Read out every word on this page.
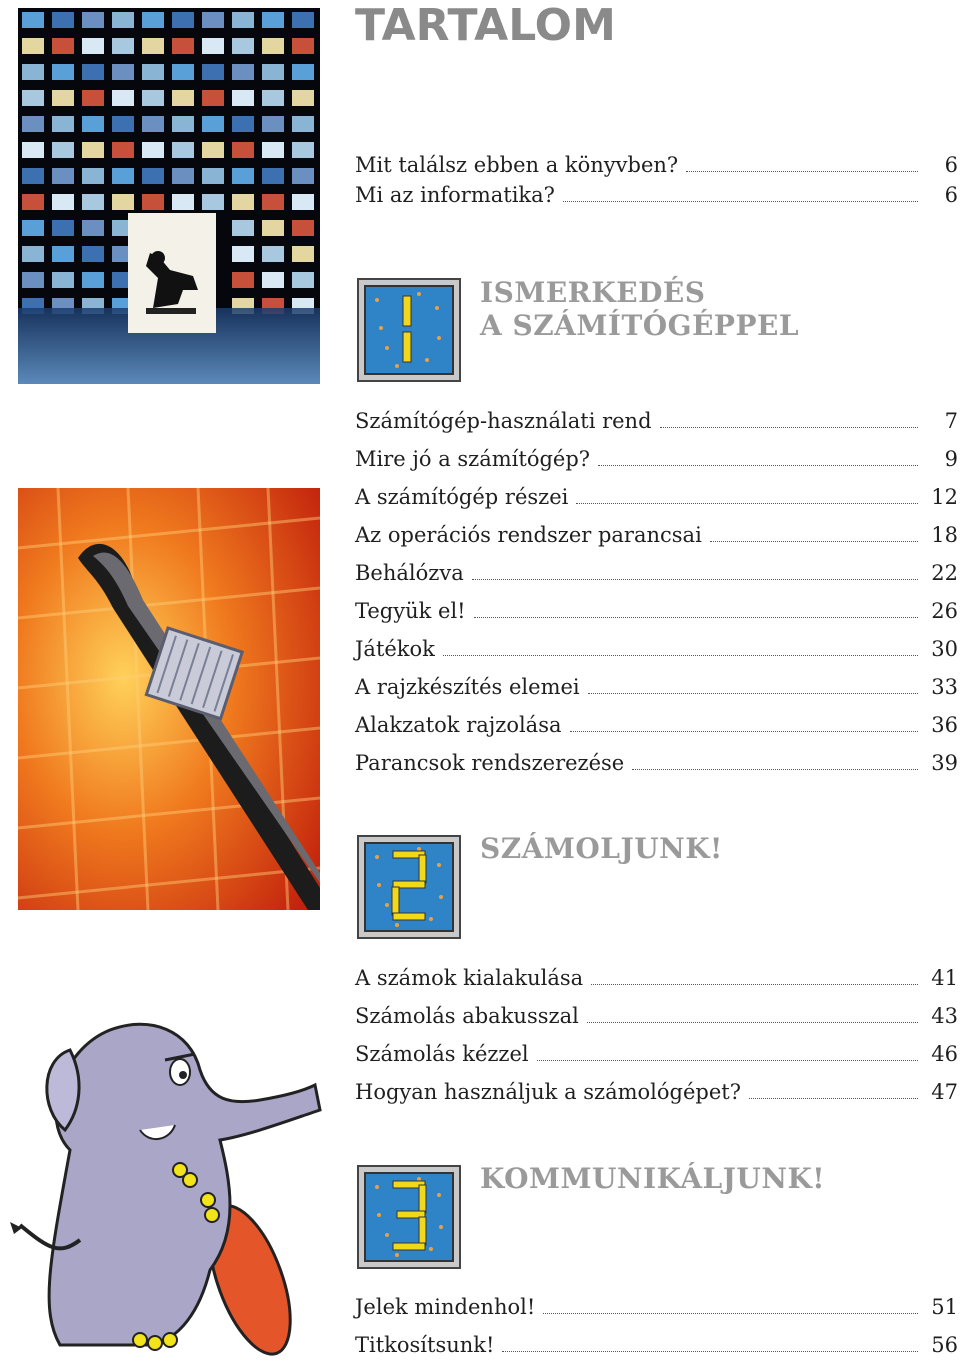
TARTALOM
Mit találsz ebben a könyvben?	6
Mi az informatika?	6
ISMERKEDÉS
A SZÁMÍTÓGÉPPEL
Számítógép-használati rend	7
Mire jó a számítógép?	9
A számítógép részei	12
Az operációs rendszer parancsai	18
Behálózva	22
Tegyük el!	26
Játékok	30
A rajzkészítés elemei	33
Alakzatok rajzolása	36
Parancsok rendszerezése	39
SZÁMOLJUNK!
A számok kialakulása	41
Számolás abakusszal	43
Számolás kézzel	46
Hogyan használjuk a számológépet?	47
KOMMUNIKÁLJUNK!
Jelek mindenhol!	51
Titkosítsunk!	56
